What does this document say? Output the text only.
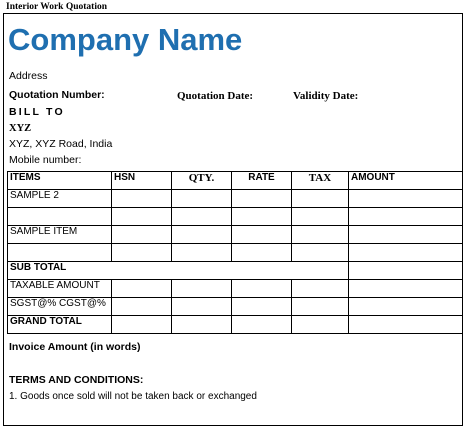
Interior Work Quotation
Company Name
Address
Quotation Number:	Quotation Date:	Validity Date:
BILL TO
XYZ
XYZ, XYZ Road, India
Mobile number:
ITEMS	HSN	QTY.	RATE	TAX	AMOUNT
SAMPLE 2					

SAMPLE ITEM					

SUB TOTAL					
TAXABLE AMOUNT					
SGST@% CGST@%					
GRAND TOTAL					
Invoice Amount (in words)
TERMS AND CONDITIONS:
1. Goods once sold will not be taken back or exchanged
